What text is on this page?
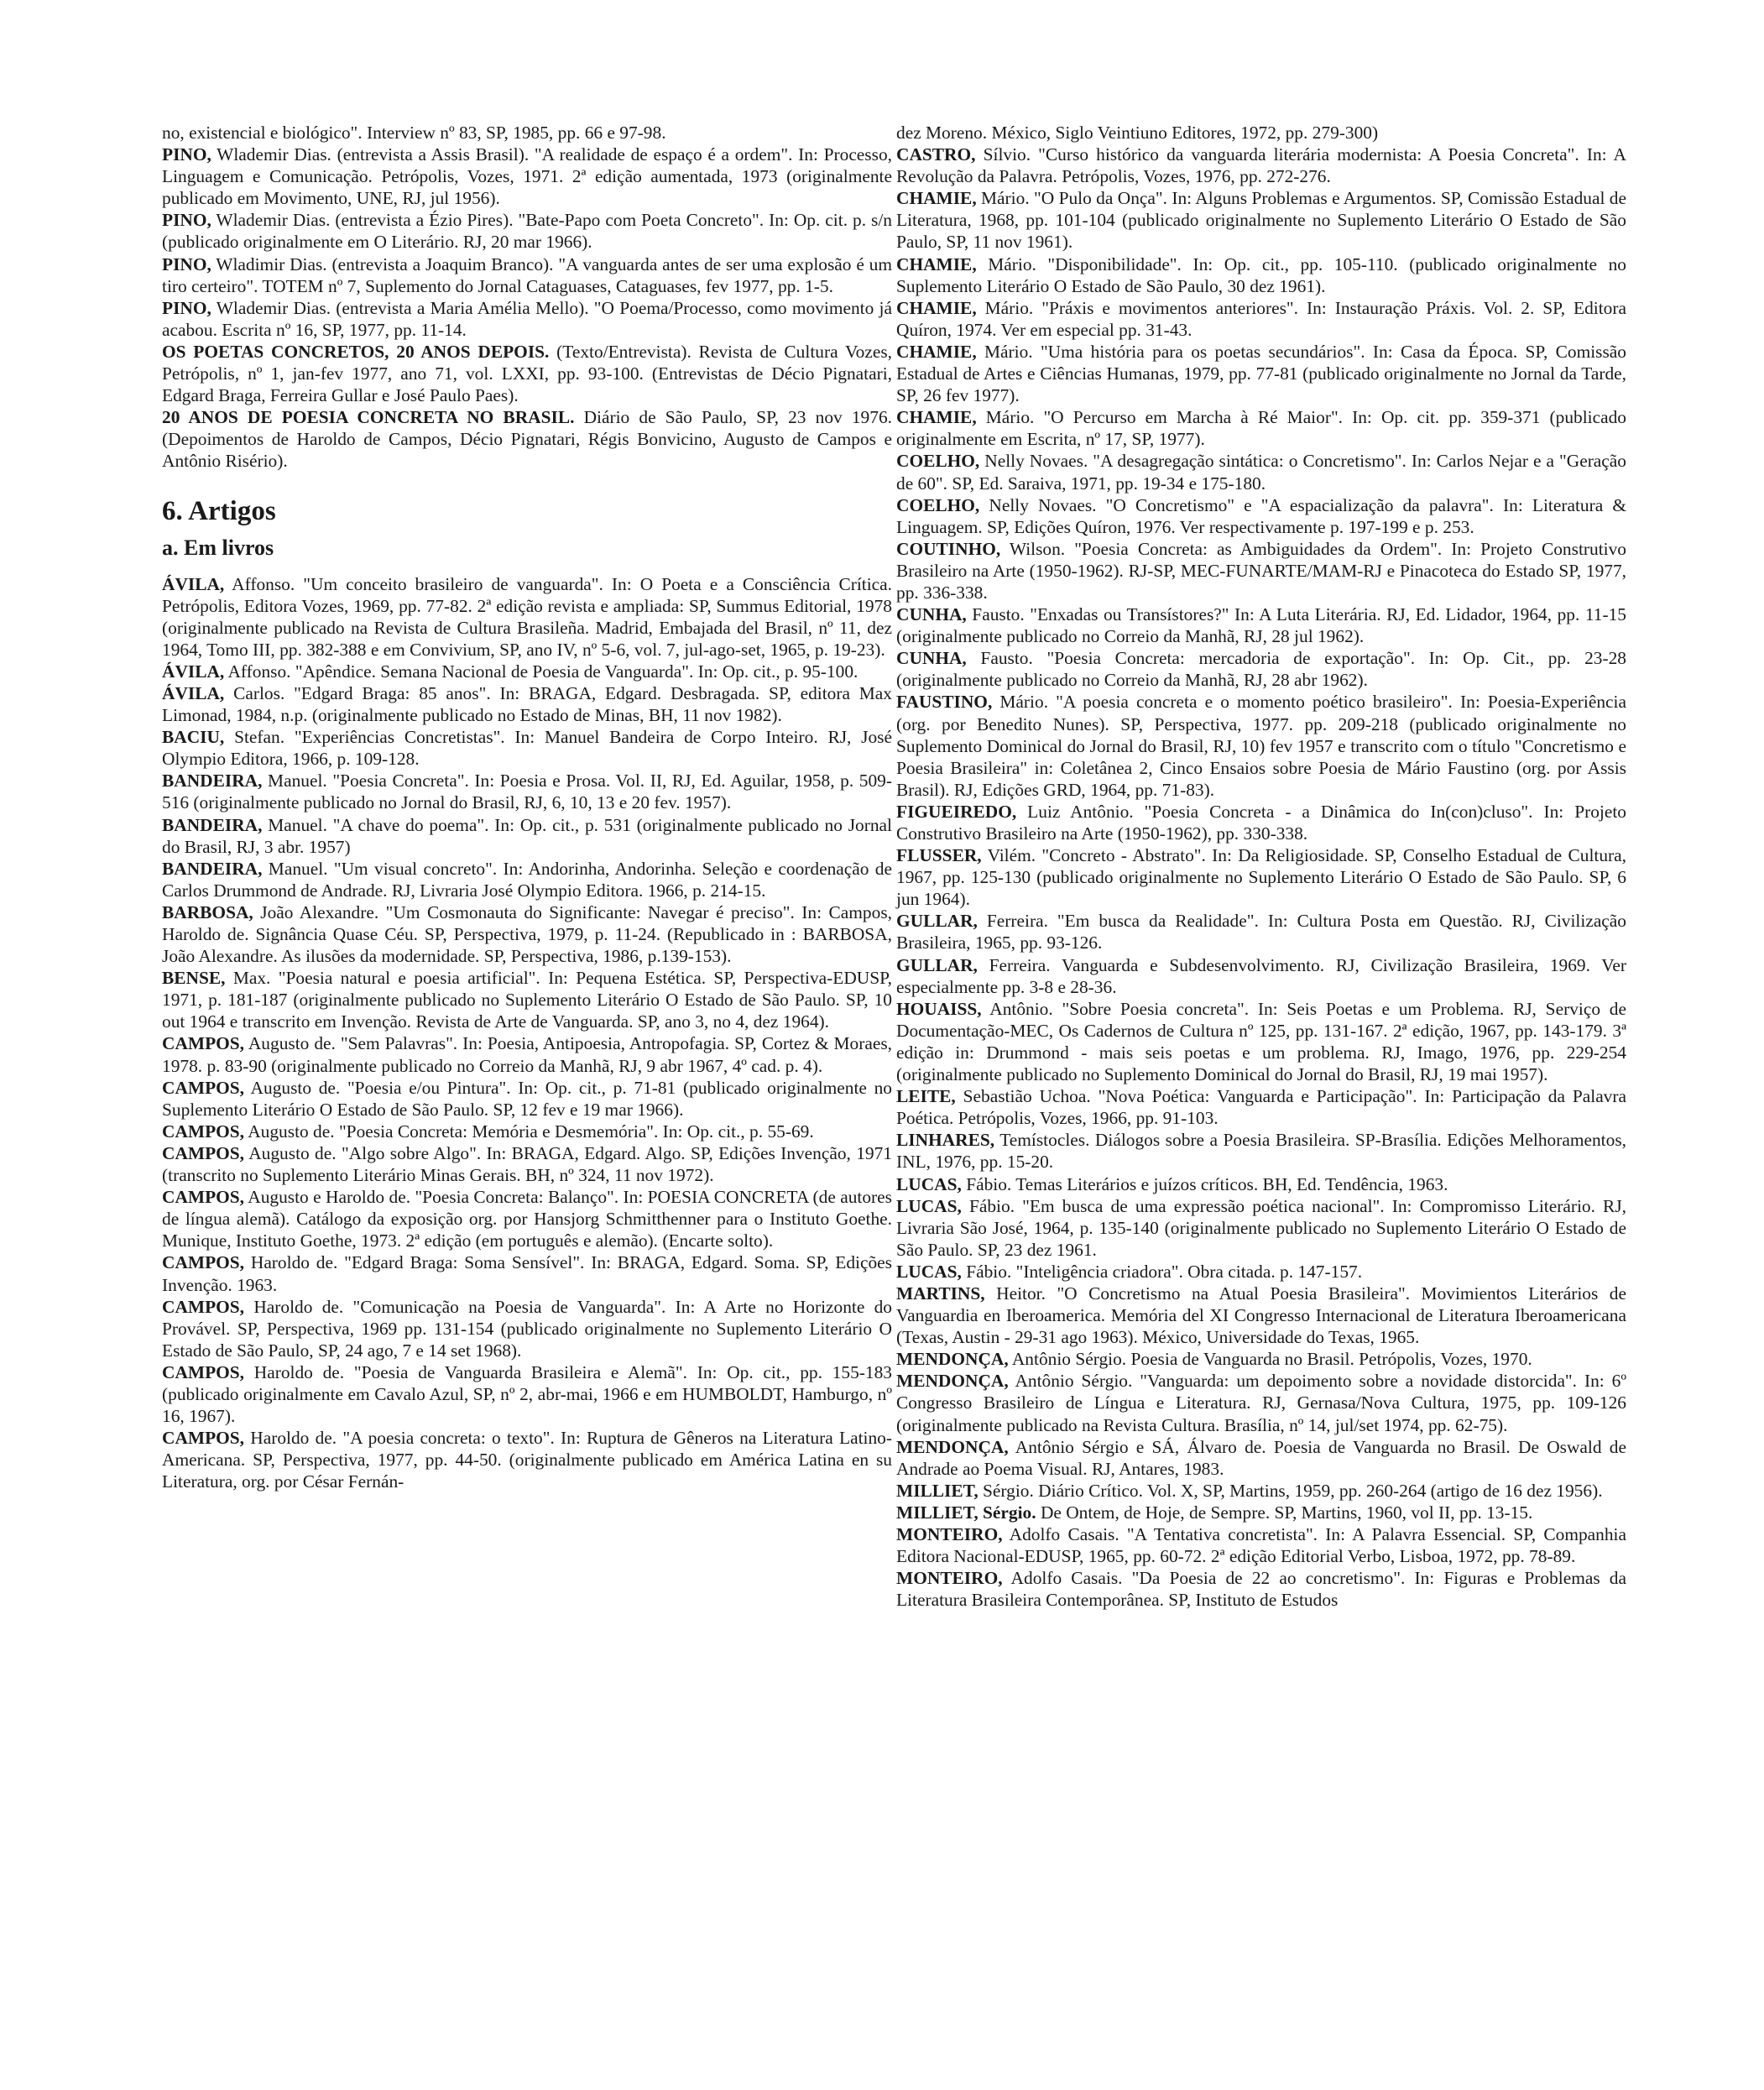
no, existencial e biológico". Interview nº 83, SP, 1985, pp. 66 e 97-98.

PINO, Wlademir Dias. (entrevista a Assis Brasil). "A realidade de espaço é a ordem". In: Processo, Linguagem e Comunicação. Petrópolis, Vozes, 1971. 2ª edição aumentada, 1973 (originalmente publicado em Movimento, UNE, RJ, jul 1956).

PINO, Wlademir Dias. (entrevista a Ézio Pires). "Bate-Papo com Poeta Concreto". In: Op. cit. p. s/n (publicado originalmente em O Literário. RJ, 20 mar 1966).

PINO, Wladimir Dias. (entrevista a Joaquim Branco). "A vanguarda antes de ser uma explosão é um tiro certeiro". TOTEM nº 7, Suplemento do Jornal Cataguases, Cataguases, fev 1977, pp. 1-5.

PINO, Wlademir Dias. (entrevista a Maria Amélia Mello). "O Poema/Processo, como movimento já acabou. Escrita nº 16, SP, 1977, pp. 11-14.

OS POETAS CONCRETOS, 20 ANOS DEPOIS. (Texto/Entrevista). Revista de Cultura Vozes, Petrópolis, nº 1, jan-fev 1977, ano 71, vol. LXXI, pp. 93-100. (Entrevistas de Décio Pignatari, Edgard Braga, Ferreira Gullar e José Paulo Paes).

20 ANOS DE POESIA CONCRETA NO BRASIL. Diário de São Paulo, SP, 23 nov 1976. (Depoimentos de Haroldo de Campos, Décio Pignatari, Régis Bonvicino, Augusto de Campos e Antônio Risério).

6. Artigos
a. Em livros

ÁVILA, Affonso. "Um conceito brasileiro de vanguarda". In: O Poeta e a Consciência Crítica. Petrópolis, Editora Vozes, 1969, pp. 77-82. 2ª edição revista e ampliada: SP, Summus Editorial, 1978 (originalmente publicado na Revista de Cultura Brasileña. Madrid, Embajada del Brasil, nº 11, dez 1964, Tomo III, pp. 382-388 e em Convivium, SP, ano IV, nº 5-6, vol. 7, jul-ago-set, 1965, p. 19-23).

ÁVILA, Affonso. "Apêndice. Semana Nacional de Poesia de Vanguarda". In: Op. cit., p. 95-100.

ÁVILA, Carlos. "Edgard Braga: 85 anos". In: BRAGA, Edgard. Desbragada. SP, editora Max Limonad, 1984, n.p. (originalmente publicado no Estado de Minas, BH, 11 nov 1982).

BACIU, Stefan. "Experiências Concretistas". In: Manuel Bandeira de Corpo Inteiro. RJ, José Olympio Editora, 1966, p. 109-128.

BANDEIRA, Manuel. "Poesia Concreta". In: Poesia e Prosa. Vol. II, RJ, Ed. Aguilar, 1958, p. 509-516 (originalmente publicado no Jornal do Brasil, RJ, 6, 10, 13 e 20 fev. 1957).

BANDEIRA, Manuel. "A chave do poema". In: Op. cit., p. 531 (originalmente publicado no Jornal do Brasil, RJ, 3 abr. 1957)

BANDEIRA, Manuel. "Um visual concreto". In: Andorinha, Andorinha. Seleção e coordenação de Carlos Drummond de Andrade. RJ, Livraria José Olympio Editora. 1966, p. 214-15.

BARBOSA, João Alexandre. "Um Cosmonauta do Significante: Navegar é preciso". In: Campos, Haroldo de. Signância Quase Céu. SP, Perspectiva, 1979, p. 11-24. (Republicado in : BARBOSA, João Alexandre. As ilusões da modernidade. SP, Perspectiva, 1986, p.139-153).

BENSE, Max. "Poesia natural e poesia artificial". In: Pequena Estética. SP, Perspectiva-EDUSP, 1971, p. 181-187 (originalmente publicado no Suplemento Literário O Estado de São Paulo. SP, 10 out 1964 e transcrito em Invenção. Revista de Arte de Vanguarda. SP, ano 3, no 4, dez 1964).

CAMPOS, Augusto de. "Sem Palavras". In: Poesia, Antipoesia, Antropofagia. SP, Cortez & Moraes, 1978. p. 83-90 (originalmente publicado no Correio da Manhã, RJ, 9 abr 1967, 4º cad. p. 4).

CAMPOS, Augusto de. "Poesia e/ou Pintura". In: Op. cit., p. 71-81 (publicado originalmente no Suplemento Literário O Estado de São Paulo. SP, 12 fev e 19 mar 1966).

CAMPOS, Augusto de. "Poesia Concreta: Memória e Desmemória". In: Op. cit., p. 55-69.

CAMPOS, Augusto de. "Algo sobre Algo". In: BRAGA, Edgard. Algo. SP, Edições Invenção, 1971 (transcrito no Suplemento Literário Minas Gerais. BH, nº 324, 11 nov 1972).

CAMPOS, Augusto e Haroldo de. "Poesia Concreta: Balanço". In: POESIA CONCRETA (de autores de língua alemã). Catálogo da exposição org. por Hansjorg Schmitthenner para o Instituto Goethe. Munique, Instituto Goethe, 1973. 2ª edição (em português e alemão). (Encarte solto).

CAMPOS, Haroldo de. "Edgard Braga: Soma Sensível". In: BRAGA, Edgard. Soma. SP, Edições Invenção. 1963.

CAMPOS, Haroldo de. "Comunicação na Poesia de Vanguarda". In: A Arte no Horizonte do Provável. SP, Perspectiva, 1969 pp. 131-154 (publicado originalmente no Suplemento Literário O Estado de São Paulo, SP, 24 ago, 7 e 14 set 1968).

CAMPOS, Haroldo de. "Poesia de Vanguarda Brasileira e Alemã". In: Op. cit., pp. 155-183 (publicado originalmente em Cavalo Azul, SP, nº 2, abr-mai, 1966 e em HUMBOLDT, Hamburgo, nº 16, 1967).

CAMPOS, Haroldo de. "A poesia concreta: o texto". In: Ruptura de Gêneros na Literatura Latino-Americana. SP, Perspectiva, 1977, pp. 44-50. (originalmente publicado em América Latina en su Literatura, org. por César Fernán-

dez Moreno. México, Siglo Veintiuno Editores, 1972, pp. 279-300)

CASTRO, Sílvio. "Curso histórico da vanguarda literária modernista: A Poesia Concreta". In: A Revolução da Palavra. Petrópolis, Vozes, 1976, pp. 272-276.

CHAMIE, Mário. "O Pulo da Onça". In: Alguns Problemas e Argumentos. SP, Comissão Estadual de Literatura, 1968, pp. 101-104 (publicado originalmente no Suplemento Literário O Estado de São Paulo, SP, 11 nov 1961).

CHAMIE, Mário. "Disponibilidade". In: Op. cit., pp. 105-110. (publicado originalmente no Suplemento Literário O Estado de São Paulo, 30 dez 1961).

CHAMIE, Mário. "Práxis e movimentos anteriores". In: Instauração Práxis. Vol. 2. SP, Editora Quíron, 1974. Ver em especial pp. 31-43.

CHAMIE, Mário. "Uma história para os poetas secundários". In: Casa da Época. SP, Comissão Estadual de Artes e Ciências Humanas, 1979, pp. 77-81 (publicado originalmente no Jornal da Tarde, SP, 26 fev 1977).

CHAMIE, Mário. "O Percurso em Marcha à Ré Maior". In: Op. cit. pp. 359-371 (publicado originalmente em Escrita, nº 17, SP, 1977).

COELHO, Nelly Novaes. "A desagregação sintática: o Concretismo". In: Carlos Nejar e a "Geração de 60". SP, Ed. Saraiva, 1971, pp. 19-34 e 175-180.

COELHO, Nelly Novaes. "O Concretismo" e "A espacialização da palavra". In: Literatura & Linguagem. SP, Edições Quíron, 1976. Ver respectivamente p. 197-199 e p. 253.

COUTINHO, Wilson. "Poesia Concreta: as Ambiguidades da Ordem". In: Projeto Construtivo Brasileiro na Arte (1950-1962). RJ-SP, MEC-FUNARTE/MAM-RJ e Pinacoteca do Estado SP, 1977, pp. 336-338.

CUNHA, Fausto. "Enxadas ou Transístores?" In: A Luta Literária. RJ, Ed. Lidador, 1964, pp. 11-15 (originalmente publicado no Correio da Manhã, RJ, 28 jul 1962).

CUNHA, Fausto. "Poesia Concreta: mercadoria de exportação". In: Op. Cit., pp. 23-28 (originalmente publicado no Correio da Manhã, RJ, 28 abr 1962).

FAUSTINO, Mário. "A poesia concreta e o momento poético brasileiro". In: Poesia-Experiência (org. por Benedito Nunes). SP, Perspectiva, 1977. pp. 209-218 (publicado originalmente no Suplemento Dominical do Jornal do Brasil, RJ, 10) fev 1957 e transcrito com o título "Concretismo e Poesia Brasileira" in: Coletânea 2, Cinco Ensaios sobre Poesia de Mário Faustino (org. por Assis Brasil). RJ, Edições GRD, 1964, pp. 71-83).

FIGUEIREDO, Luiz Antônio. "Poesia Concreta - a Dinâmica do In(con)cluso". In: Projeto Construtivo Brasileiro na Arte (1950-1962), pp. 330-338.

FLUSSER, Vilém. "Concreto - Abstrato". In: Da Religiosidade. SP, Conselho Estadual de Cultura, 1967, pp. 125-130 (publicado originalmente no Suplemento Literário O Estado de São Paulo. SP, 6 jun 1964).

GULLAR, Ferreira. "Em busca da Realidade". In: Cultura Posta em Questão. RJ, Civilização Brasileira, 1965, pp. 93-126.

GULLAR, Ferreira. Vanguarda e Subdesenvolvimento. RJ, Civilização Brasileira, 1969. Ver especialmente pp. 3-8 e 28-36.

HOUAISS, Antônio. "Sobre Poesia concreta". In: Seis Poetas e um Problema. RJ, Serviço de Documentação-MEC, Os Cadernos de Cultura nº 125, pp. 131-167. 2ª edição, 1967, pp. 143-179. 3ª edição in: Drummond - mais seis poetas e um problema. RJ, Imago, 1976, pp. 229-254 (originalmente publicado no Suplemento Dominical do Jornal do Brasil, RJ, 19 mai 1957).

LEITE, Sebastião Uchoa. "Nova Poética: Vanguarda e Participação". In: Participação da Palavra Poética. Petrópolis, Vozes, 1966, pp. 91-103.

LINHARES, Temístocles. Diálogos sobre a Poesia Brasileira. SP-Brasília. Edições Melhoramentos, INL, 1976, pp. 15-20.

LUCAS, Fábio. Temas Literários e juízos críticos. BH, Ed. Tendência, 1963.

LUCAS, Fábio. "Em busca de uma expressão poética nacional". In: Compromisso Literário. RJ, Livraria São José, 1964, p. 135-140 (originalmente publicado no Suplemento Literário O Estado de São Paulo. SP, 23 dez 1961.

LUCAS, Fábio. "Inteligência criadora". Obra citada. p. 147-157.

MARTINS, Heitor. "O Concretismo na Atual Poesia Brasileira". Movimientos Literários de Vanguardia en Iberoamerica. Memória del XI Congresso Internacional de Literatura Iberoamericana (Texas, Austin - 29-31 ago 1963). México, Universidade do Texas, 1965.

MENDONÇA, Antônio Sérgio. Poesia de Vanguarda no Brasil. Petrópolis, Vozes, 1970.

MENDONÇA, Antônio Sérgio. "Vanguarda: um depoimento sobre a novidade distorcida". In: 6º Congresso Brasileiro de Língua e Literatura. RJ, Gernasa/Nova Cultura, 1975, pp. 109-126 (originalmente publicado na Revista Cultura. Brasília, nº 14, jul/set 1974, pp. 62-75).

MENDONÇA, Antônio Sérgio e SÁ, Álvaro de. Poesia de Vanguarda no Brasil. De Oswald de Andrade ao Poema Visual. RJ, Antares, 1983.

MILLIET, Sérgio. Diário Crítico. Vol. X, SP, Martins, 1959, pp. 260-264 (artigo de 16 dez 1956).

MILLIET, Sérgio. De Ontem, de Hoje, de Sempre. SP, Martins, 1960, vol II, pp. 13-15.

MONTEIRO, Adolfo Casais. "A Tentativa concretista". In: A Palavra Essencial. SP, Companhia Editora Nacional-EDUSP, 1965, pp. 60-72. 2ª edição Editorial Verbo, Lisboa, 1972, pp. 78-89.

MONTEIRO, Adolfo Casais. "Da Poesia de 22 ao concretismo". In: Figuras e Problemas da Literatura Brasileira Contemporânea. SP, Instituto de Estudos
